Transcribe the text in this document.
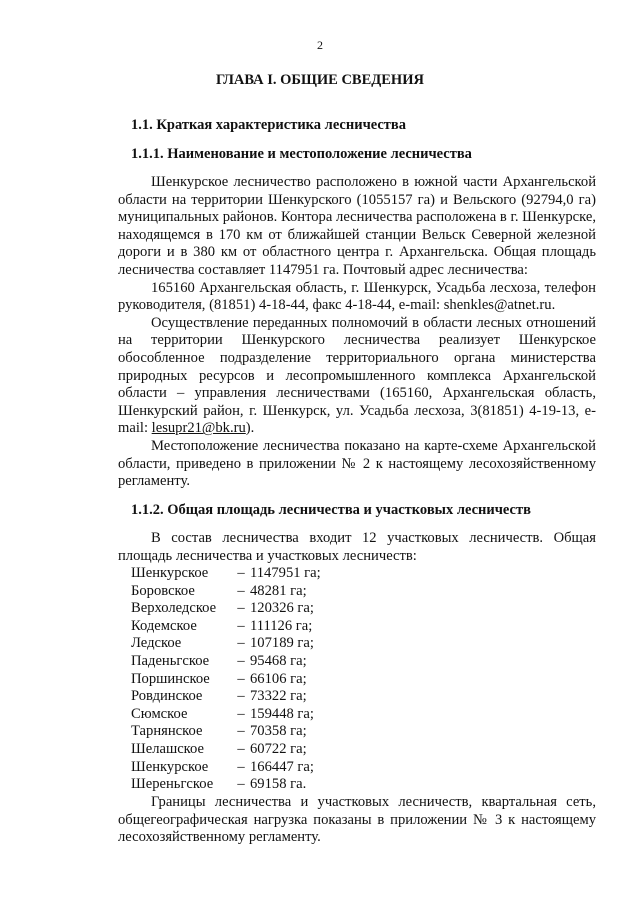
2
ГЛАВА I. ОБЩИЕ СВЕДЕНИЯ
1.1. Краткая характеристика лесничества
1.1.1. Наименование и местоположение лесничества

Шенкурское лесничество расположено в южной части Архангельской области на территории Шенкурского (1055157 га) и Вельского (92794,0 га) муниципальных районов. Контора лесничества расположена в г. Шенкурске, находящемся в 170 км от ближайшей станции Вельск Северной железной дороги и в 380 км от областного центра г. Архангельска. Общая площадь лесничества составляет 1147951 га. Почтовый адрес лесничества:

165160 Архангельская область, г. Шенкурск, Усадьба лесхоза, телефон руководителя, (81851) 4-18-44, факс 4-18-44, e-mail: shenkles@atnet.ru.

Осуществление переданных полномочий в области лесных отношений на территории Шенкурского лесничества реализует Шенкурское обособленное подразделение территориального органа министерства природных ресурсов и лесопромышленного комплекса Архангельской области – управления лесничествами (165160, Архангельская область, Шенкурский район, г. Шенкурск, ул. Усадьба лесхоза, 3(81851) 4-19-13, e-mail: lesupr21@bk.ru).

Местоположение лесничества показано на карте-схеме Архангельской области, приведено в приложении № 2 к настоящему лесохозяйственному регламенту.

1.1.2. Общая площадь лесничества и участковых лесничеств

В состав лесничества входит 12 участковых лесничеств. Общая площадь лесничества и участковых лесничеств:

Шенкурское	– 1147951 га;
Боровское	– 48281 га;
Верхоледское	– 120326 га;
Кодемское	– 111126 га;
Ледское	– 107189 га;
Паденьгское	– 95468 га;
Поршинское	– 66106 га;
Ровдинское	– 73322 га;
Сюмское	– 159448 га;
Тарнянское	– 70358 га;
Шелашское	– 60722 га;
Шенкурское	– 166447 га;
Шереньгское	– 69158 га.

Границы лесничества и участковых лесничеств, квартальная сеть, общегеографическая нагрузка показаны в приложении № 3 к настоящему лесохозяйственному регламенту.
